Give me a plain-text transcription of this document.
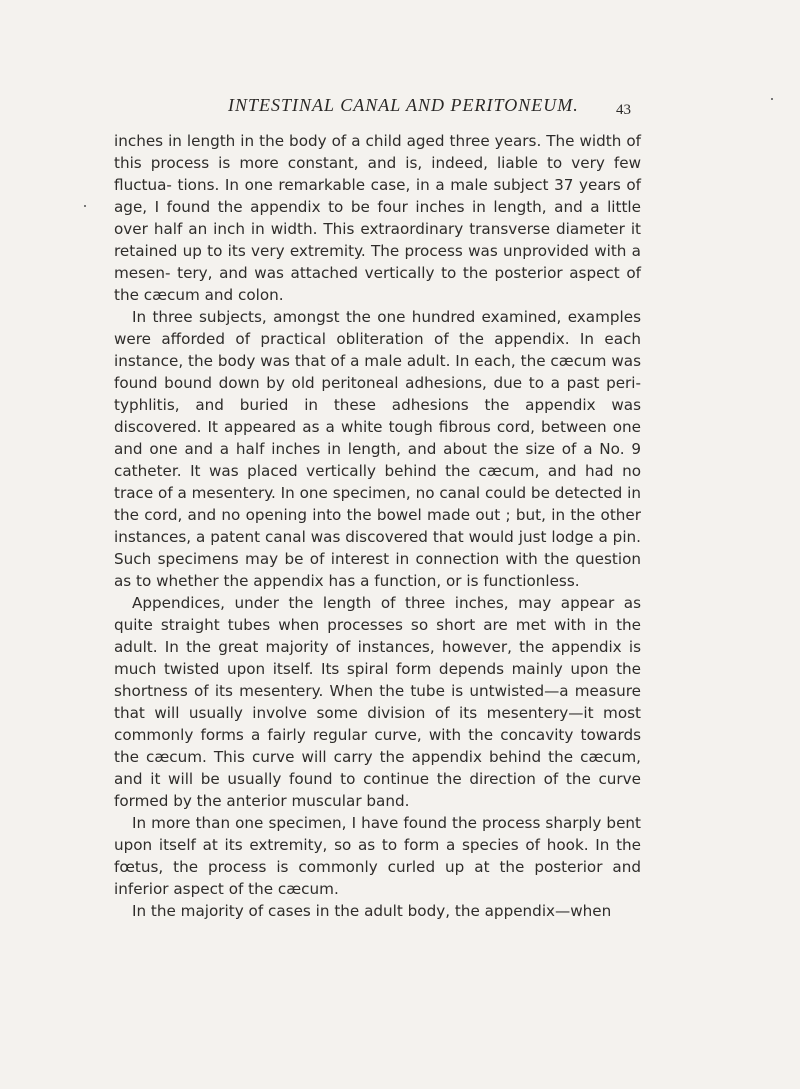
INTESTINAL CANAL AND PERITONEUM. 43

inches in length in the body of a child aged three years. The width of this process is more constant, and is, indeed, liable to very few fluctua- tions. In one remarkable case, in a male subject 37 years of age, I found the appendix to be four inches in length, and a little over half an inch in width. This extraordinary transverse diameter it retained up to its very extremity. The process was unprovided with a mesen- tery, and was attached vertically to the posterior aspect of the cæcum and colon.

In three subjects, amongst the one hundred examined, examples were afforded of practical obliteration of the appendix. In each instance, the body was that of a male adult. In each, the cæcum was found bound down by old peritoneal adhesions, due to a past peri- typhlitis, and buried in these adhesions the appendix was discovered. It appeared as a white tough fibrous cord, between one and one and a half inches in length, and about the size of a No. 9 catheter. It was placed vertically behind the cæcum, and had no trace of a mesentery. In one specimen, no canal could be detected in the cord, and no opening into the bowel made out ; but, in the other instances, a patent canal was discovered that would just lodge a pin. Such specimens may be of interest in connection with the question as to whether the appendix has a function, or is functionless.

Appendices, under the length of three inches, may appear as quite straight tubes when processes so short are met with in the adult. In the great majority of instances, however, the appendix is much twisted upon itself. Its spiral form depends mainly upon the shortness of its mesentery. When the tube is untwisted—a measure that will usually involve some division of its mesentery—it most commonly forms a fairly regular curve, with the concavity towards the cæcum. This curve will carry the appendix behind the cæcum, and it will be usually found to continue the direction of the curve formed by the anterior muscular band.

In more than one specimen, I have found the process sharply bent upon itself at its extremity, so as to form a species of hook. In the fœtus, the process is commonly curled up at the posterior and inferior aspect of the cæcum.

In the majority of cases in the adult body, the appendix—when
